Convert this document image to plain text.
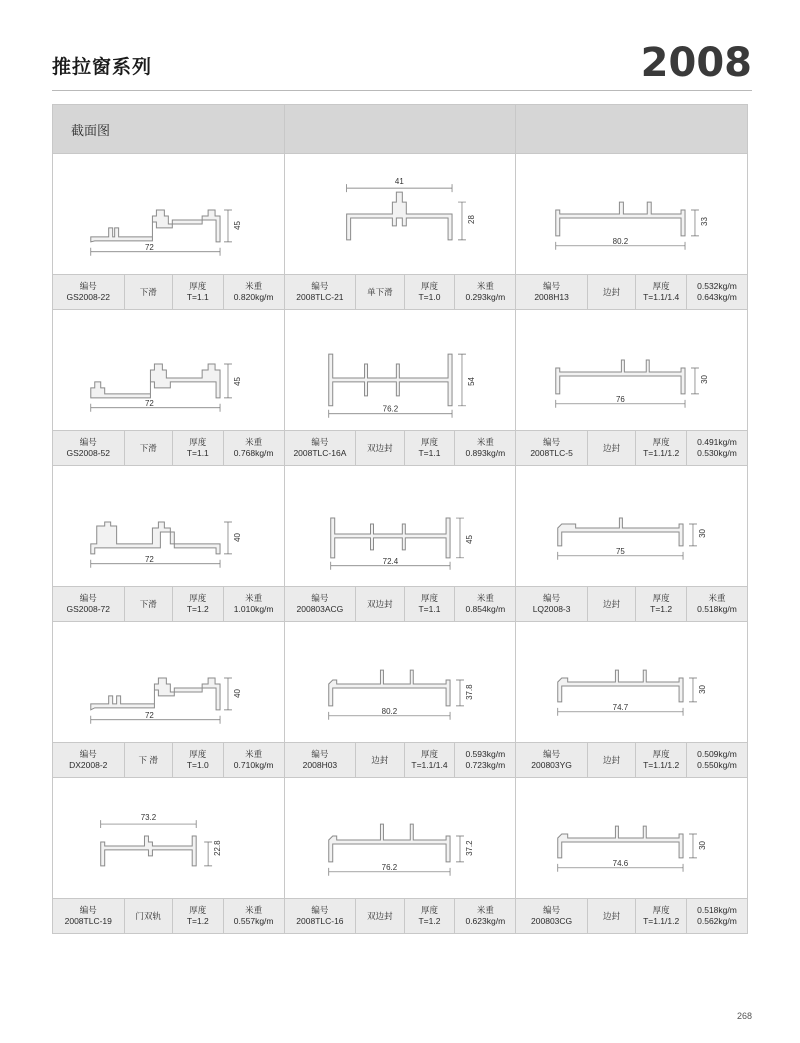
推拉窗系列	2008
截面图
45
72
编号
GS2008-22
下滑
厚度
T=1.1
米重
0.820kg/m
41
28
编号
2008TLC-21
单下滑
厚度
T=1.0
米重
0.293kg/m
33
80.2
编号
2008H13
边封
厚度
T=1.1/1.4
0.532kg/m
0.643kg/m
45
72
编号
GS2008-52
下滑
厚度
T=1.1
米重
0.768kg/m
76.2
54
编号
2008TLC-16A
双边封
厚度
T=1.1
米重
0.893kg/m
30
76
编号
2008TLC-5
边封
厚度
T=1.1/1.2
0.491kg/m
0.530kg/m
40
72
编号
GS2008-72
下滑
厚度
T=1.2
米重
1.010kg/m
72.4
45
编号
200803ACG
双边封
厚度
T=1.1
米重
0.854kg/m
30
75
编号
LQ2008-3
边封
厚度
T=1.2
米重
0.518kg/m
40
72
编号
DX2008-2
下 滑
厚度
T=1.0
米重
0.710kg/m
37.8
80.2
编号
2008H03
边封
厚度
T=1.1/1.4
0.593kg/m
0.723kg/m
30
74.7
编号
200803YG
边封
厚度
T=1.1/1.2
0.509kg/m
0.550kg/m
73.2
22.8
编号
2008TLC-19
门双轨
厚度
T=1.2
米重
0.557kg/m
37.2
76.2
编号
2008TLC-16
双边封
厚度
T=1.2
米重
0.623kg/m
30
74.6
编号
200803CG
边封
厚度
T=1.1/1.2
0.518kg/m
0.562kg/m
268
